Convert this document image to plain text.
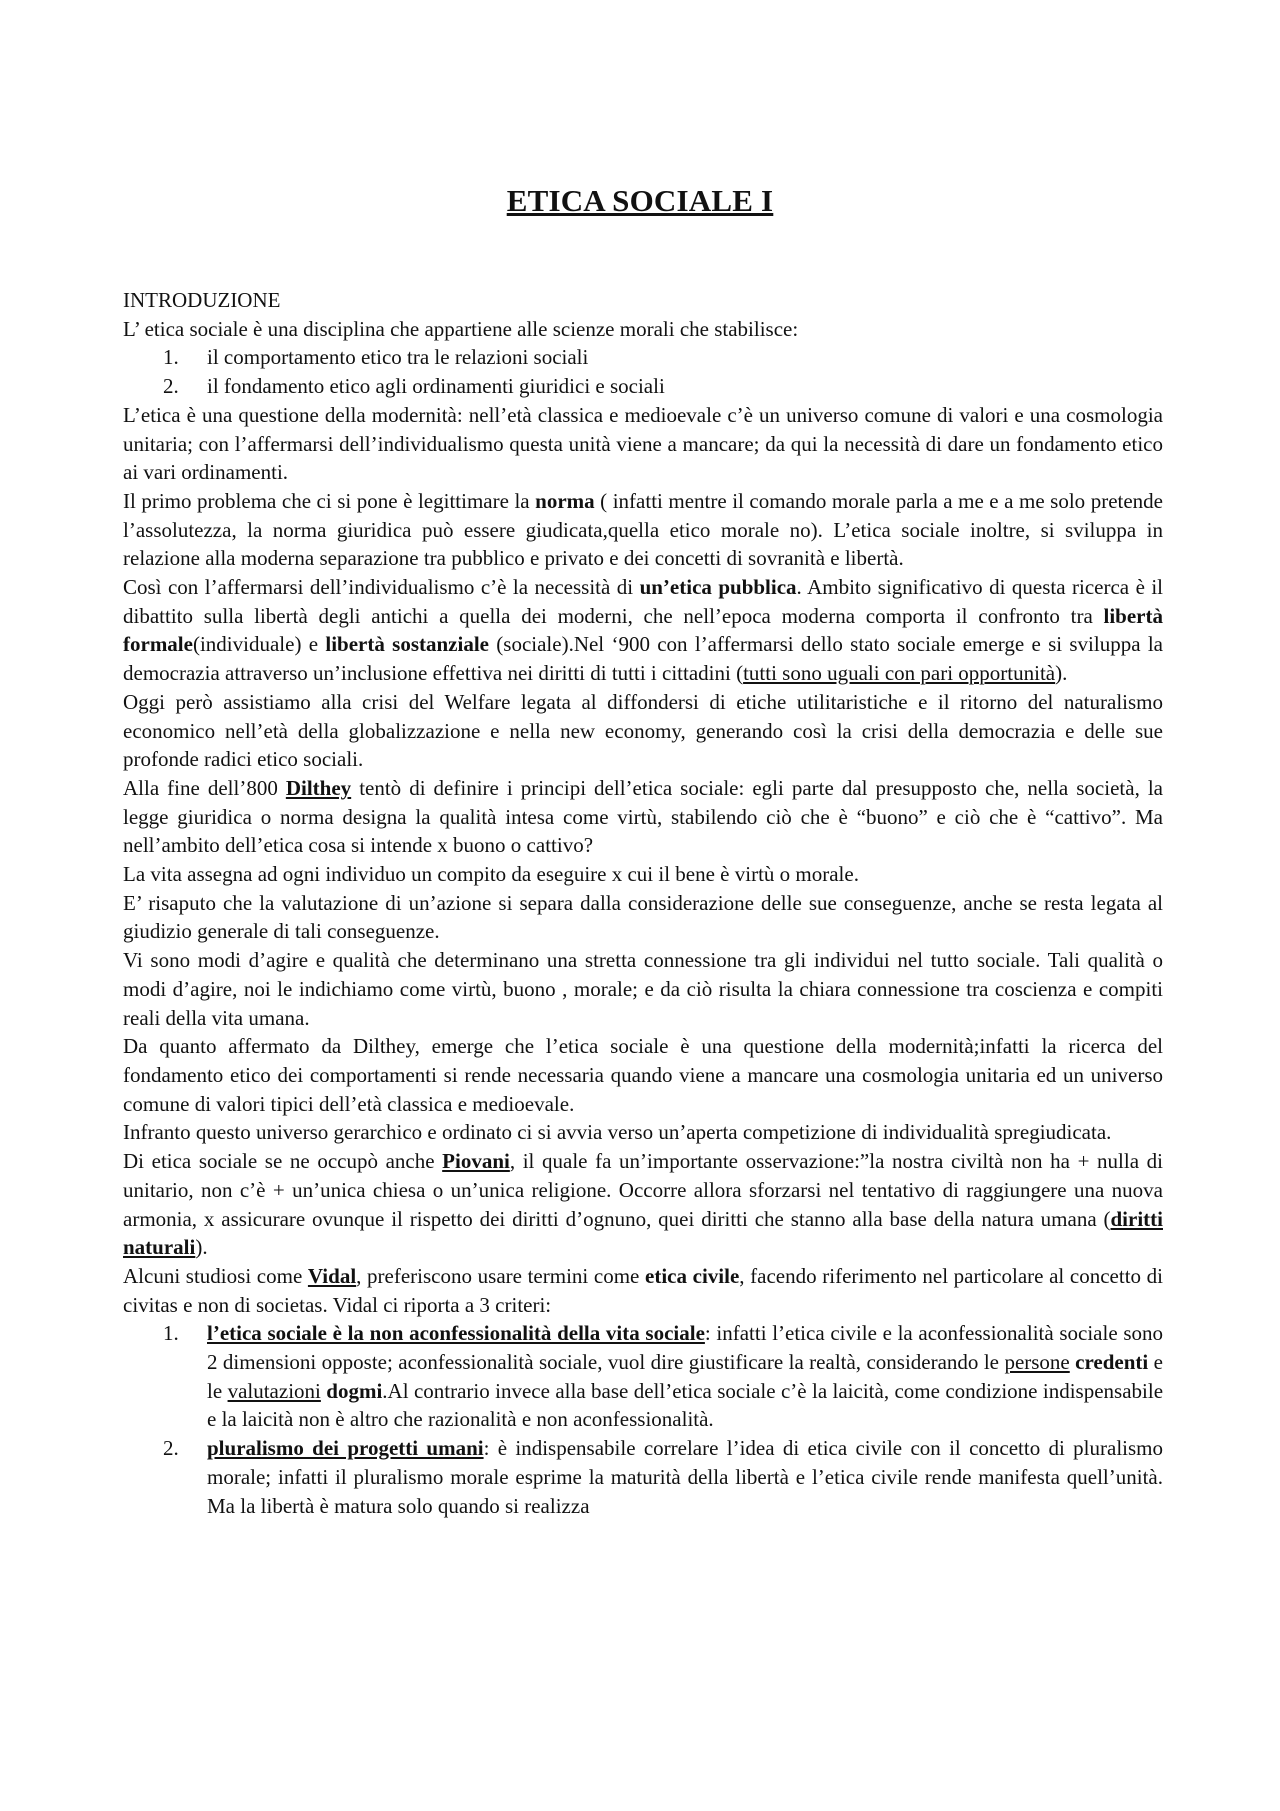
ETICA SOCIALE I

INTRODUZIONE

L’ etica sociale è una disciplina che appartiene alle scienze morali che stabilisce:

1.	il comportamento etico tra le relazioni sociali
2.	il fondamento etico agli ordinamenti giuridici e sociali

L’etica è una questione della modernità: nell’età classica e medioevale c’è un universo comune di valori e una cosmologia unitaria; con l’affermarsi dell’individualismo questa unità viene a mancare; da qui la necessità di dare un fondamento etico ai vari ordinamenti.

Il primo problema che ci si pone è legittimare la norma ( infatti mentre il comando morale parla a me e a me solo pretende l’assolutezza, la norma giuridica può essere giudicata,quella etico morale no). L’etica sociale inoltre, si sviluppa in relazione alla moderna separazione tra pubblico e privato e dei concetti di sovranità e libertà.

Così con l’affermarsi dell’individualismo c’è la necessità di un’etica pubblica. Ambito significativo di questa ricerca è il dibattito sulla libertà degli antichi a quella dei moderni, che nell’epoca moderna comporta il confronto tra libertà formale(individuale) e libertà sostanziale (sociale).Nel ‘900 con l’affermarsi dello stato sociale emerge e si sviluppa la democrazia attraverso un’inclusione effettiva nei diritti di tutti i cittadini (tutti sono uguali con pari opportunità).

Oggi però assistiamo alla crisi del Welfare legata al diffondersi di etiche utilitaristiche e il ritorno del naturalismo economico nell’età della globalizzazione e nella new economy, generando così la crisi della democrazia e delle sue profonde radici etico sociali.

Alla fine dell’800 Dilthey tentò di definire i principi dell’etica sociale: egli parte dal presupposto che, nella società, la legge giuridica o norma designa la qualità intesa come virtù, stabilendo ciò che è “buono” e ciò che è “cattivo”. Ma nell’ambito dell’etica cosa si intende x buono o cattivo?

La vita assegna ad ogni individuo un compito da eseguire x cui il bene è virtù o morale.

E’ risaputo che la valutazione di un’azione si separa dalla considerazione delle sue conseguenze, anche se resta legata al giudizio generale di tali conseguenze.

Vi sono modi d’agire e qualità che determinano una stretta connessione tra gli individui nel tutto sociale. Tali qualità o modi d’agire, noi le indichiamo come virtù, buono , morale; e da ciò risulta la chiara connessione tra coscienza e compiti reali della vita umana.

Da quanto affermato da Dilthey, emerge che l’etica sociale è una questione della modernità;infatti la ricerca del fondamento etico dei comportamenti si rende necessaria quando viene a mancare una cosmologia unitaria ed un universo comune di valori tipici dell’età classica e medioevale.

Infranto questo universo gerarchico e ordinato ci si avvia verso un’aperta competizione di individualità spregiudicata.

Di etica sociale se ne occupò anche Piovani, il quale fa un’importante osservazione:”la nostra civiltà non ha + nulla di unitario, non c’è + un’unica chiesa o un’unica religione. Occorre allora sforzarsi nel tentativo di raggiungere una nuova armonia, x assicurare ovunque il rispetto dei diritti d’ognuno, quei diritti che stanno alla base della natura umana (diritti naturali).

Alcuni studiosi come Vidal, preferiscono usare termini come etica civile, facendo riferimento nel particolare al concetto di civitas e non di societas. Vidal ci riporta a 3 criteri:

1.	l’etica sociale è la non aconfessionalità della vita sociale: infatti l’etica civile e la aconfessionalità sociale sono 2 dimensioni opposte; aconfessionalità sociale, vuol dire giustificare la realtà, considerando le persone credenti e le valutazioni dogmi.Al contrario invece alla base dell’etica sociale c’è la laicità, come condizione indispensabile e la laicità non è altro che razionalità e non aconfessionalità.
2.	pluralismo dei progetti umani: è indispensabile correlare l’idea di etica civile con il concetto di pluralismo morale; infatti il pluralismo morale esprime la maturità della libertà e l’etica civile rende manifesta quell’unità. Ma la libertà è matura solo quando si realizza
